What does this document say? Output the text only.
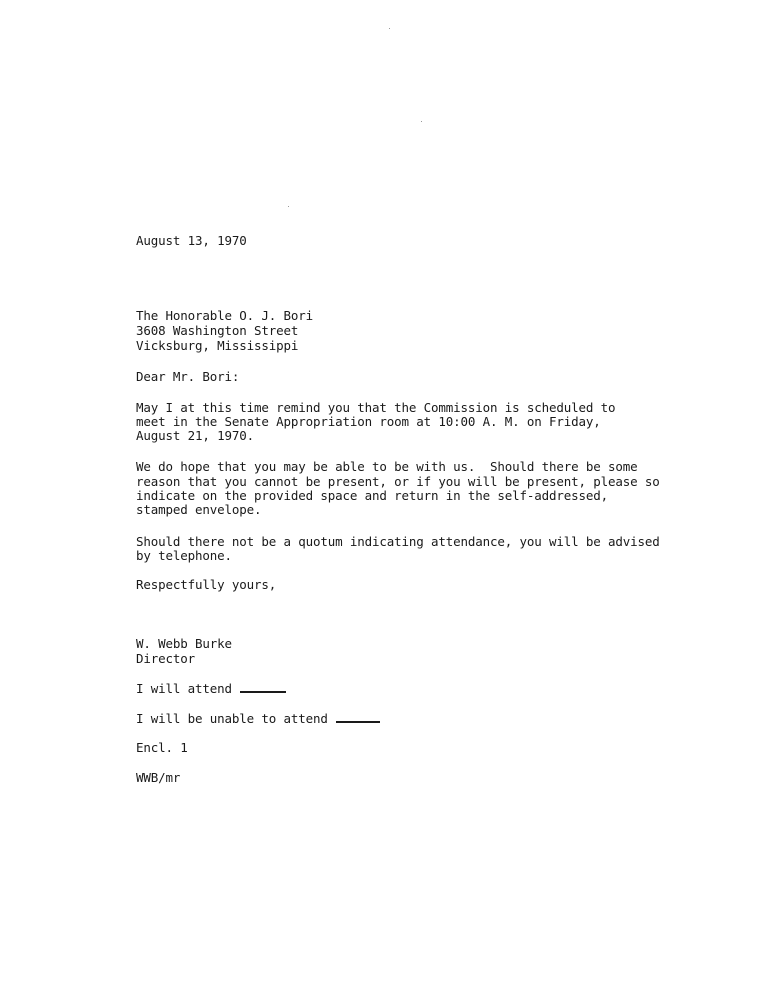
August 13, 1970
The Honorable O. J. Bori
3608 Washington Street
Vicksburg, Mississippi
Dear Mr. Bori:
May I at this time remind you that the Commission is scheduled to
meet in the Senate Appropriation room at 10:00 A. M. on Friday,
August 21, 1970.
We do hope that you may be able to be with us.  Should there be some
reason that you cannot be present, or if you will be present, please so
indicate on the provided space and return in the self-addressed,
stamped envelope.
Should there not be a quotum indicating attendance, you will be advised
by telephone.
Respectfully yours,
W. Webb Burke
Director
I will attend
I will be unable to attend
Encl. 1
WWB/mr
